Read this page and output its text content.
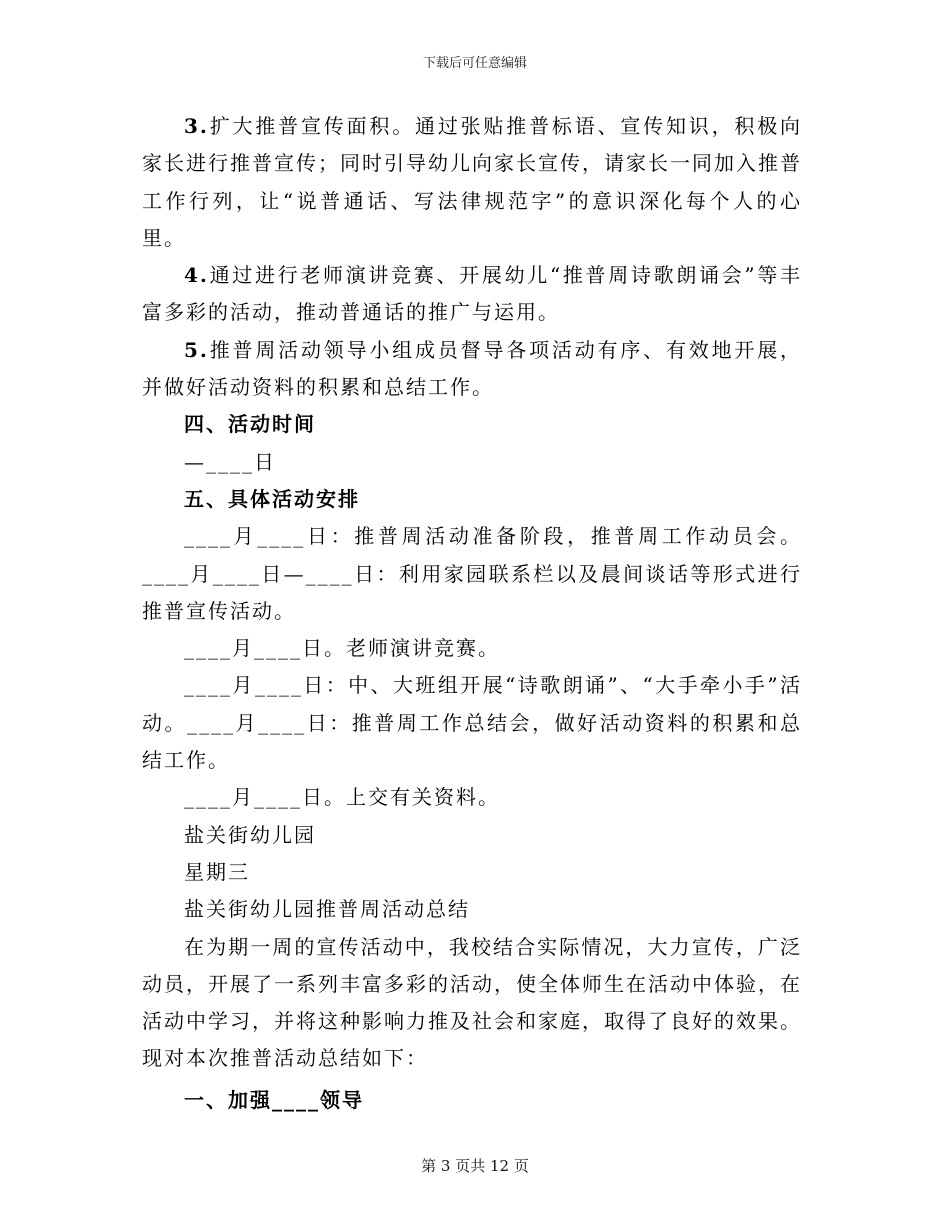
下载后可任意编辑

3.扩大推普宣传面积。通过张贴推普标语、宣传知识，积极向家长进行推普宣传；同时引导幼儿向家长宣传，请家长一同加入推普工作行列，让“说普通话、写法律规范字”的意识深化每个人的心里。

4.通过进行老师演讲竞赛、开展幼儿“推普周诗歌朗诵会”等丰富多彩的活动，推动普通话的推广与运用。

5.推普周活动领导小组成员督导各项活动有序、有效地开展，并做好活动资料的积累和总结工作。

四、活动时间

—____日

五、具体活动安排

____月____日：推普周活动准备阶段，推普周工作动员会。____月____日—____日：利用家园联系栏以及晨间谈话等形式进行推普宣传活动。

____月____日。老师演讲竞赛。

____月____日：中、大班组开展“诗歌朗诵”、“大手牵小手”活动。____月____日：推普周工作总结会，做好活动资料的积累和总结工作。

____月____日。上交有关资料。

盐关街幼儿园

星期三

盐关街幼儿园推普周活动总结

在为期一周的宣传活动中，我校结合实际情况，大力宣传，广泛动员，开展了一系列丰富多彩的活动，使全体师生在活动中体验，在活动中学习，并将这种影响力推及社会和家庭，取得了良好的效果。现对本次推普活动总结如下：

一、加强____领导

第 3 页共 12 页
